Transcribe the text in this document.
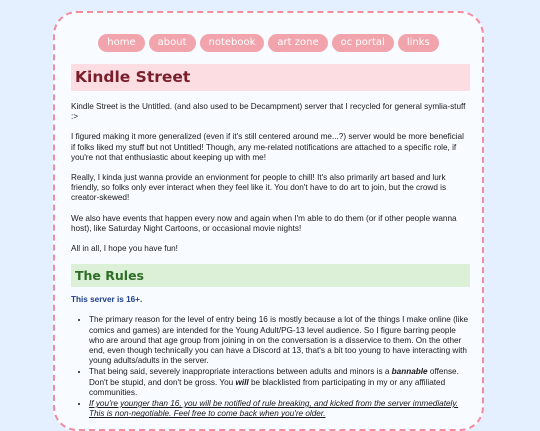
home	about	notebook	art zone	oc portal	links
Kindle Street

Kindle Street is the Untitled. (and also used to be Decampment) server that I recycled for general symlia-stuff :>

I figured making it more generalized (even if it's still centered around me...?) server would be more beneficial if folks liked my stuff but not Untitled! Though, any me-related notifications are attached to a specific role, if you're not that enthusiastic about keeping up with me!

Really, I kinda just wanna provide an envionment for people to chill! It's also primarily art based and lurk friendly, so folks only ever interact when they feel like it. You don't have to do art to join, but the crowd is creator-skewed!

We also have events that happen every now and again when I'm able to do them (or if other people wanna host), like Saturday Night Cartoons, or occasional movie nights!

All in all, I hope you have fun!

The Rules

This server is 16+.

• The primary reason for the level of entry being 16 is mostly because a lot of the things I make online (like comics and games) are intended for the Young Adult/PG-13 level audience. So I figure barring people who are around that age group from joining in on the conversation is a disservice to them. On the other end, even though technically you can have a Discord at 13, that's a bit too young to have interacting with young adults/adults in the server.
• That being said, severely inappropriate interactions between adults and minors is a bannable offense. Don't be stupid, and don't be gross. You will be blacklisted from participating in my or any affiliated communities.
• If you're younger than 16, you will be notified of rule breaking, and kicked from the server immediately. This is non-negotiable. Feel free to come back when you're older.
